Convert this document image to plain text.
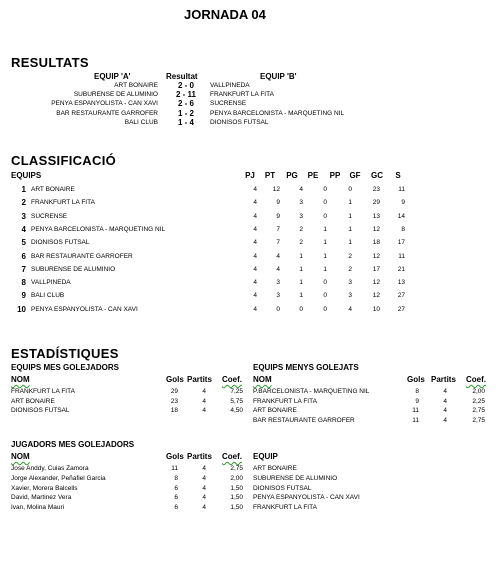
JORNADA 04
RESULTATS
EQUIP 'A'	Resultat	EQUIP 'B'
ART BONAIRE	2 - 0	VALLPINEDA
SUBURENSE DE ALUMINIO 2 - 11	FRANKFURT LA FITA
PENYA ESPANYOLISTA - CAN XAVI	2 - 6	SUCRENSE
BAR RESTAURANTE GARROFER	1 - 2	PENYA BARCELONISTA - MARQUETING NIL
BALI CLUB	1 - 4	DIONISOS FUTSAL
CLASSIFICACIÓ
EQUIPS	PJ PT PG PE PP GF GC	S
1 ART BONAIRE	4 12	4	0	0	23	11
2 FRANKFURT LA FITA	4	9	3	0	1	29	9
3 SUCRENSE	4	9	3	0	1	13	14
4 PENYA BARCELONISTA - MARQUETING NIL	4	7	2	1	1	12	8
5 DIONISOS FUTSAL	4	7	2	1	1	18	17
6 BAR RESTAURANTE GARROFER	4	4	1	1	2	12	11
7 SUBURENSE DE ALUMINIO	4	4	1	1	2	17	21
8 VALLPINEDA	4	3	1	0	3	12	13
9 BALI CLUB	4	3	1	0	3	12	27
10 PENYA ESPANYOLISTA - CAN XAVI	4	0	0	0	4	10	27
ESTADÍSTIQUES
EQUIPS MES GOLEJADORS
NOM	Gols Partits Coef.
FRANKFURT LA FITA	29	4	7,25
ART BONAIRE	23	4	5,75
DIONISOS FUTSAL	18	4	4,50
EQUIPS MENYS GOLEJATS
NOM	Gols Partits Coef.
P.BARCELONISTA - MARQUETING NIL	8	4	2,00
FRANKFURT LA FITA	9	4	2,25
ART BONAIRE	11	4	2,75
BAR RESTAURANTE GARROFER	11	4	2,75
JUGADORS MES GOLEJADORS
NOM	Gols Partits Coef. EQUIP
Jose Anddy, Cuias Zamora	11	4	2,75 ART BONAIRE
Jorge Alexander, Peñafiel Garcia	8	4	2,00 SUBURENSE DE ALUMINIO
Xavier, Morera Balcells	6	4	1,50 DIONISOS FUTSAL
David, Martinez Vera	6	4	1,50 PENYA ESPANYOLISTA - CAN XAVI
Ivan, Molina Mauri	6	4	1,50 FRANKFURT LA FITA
